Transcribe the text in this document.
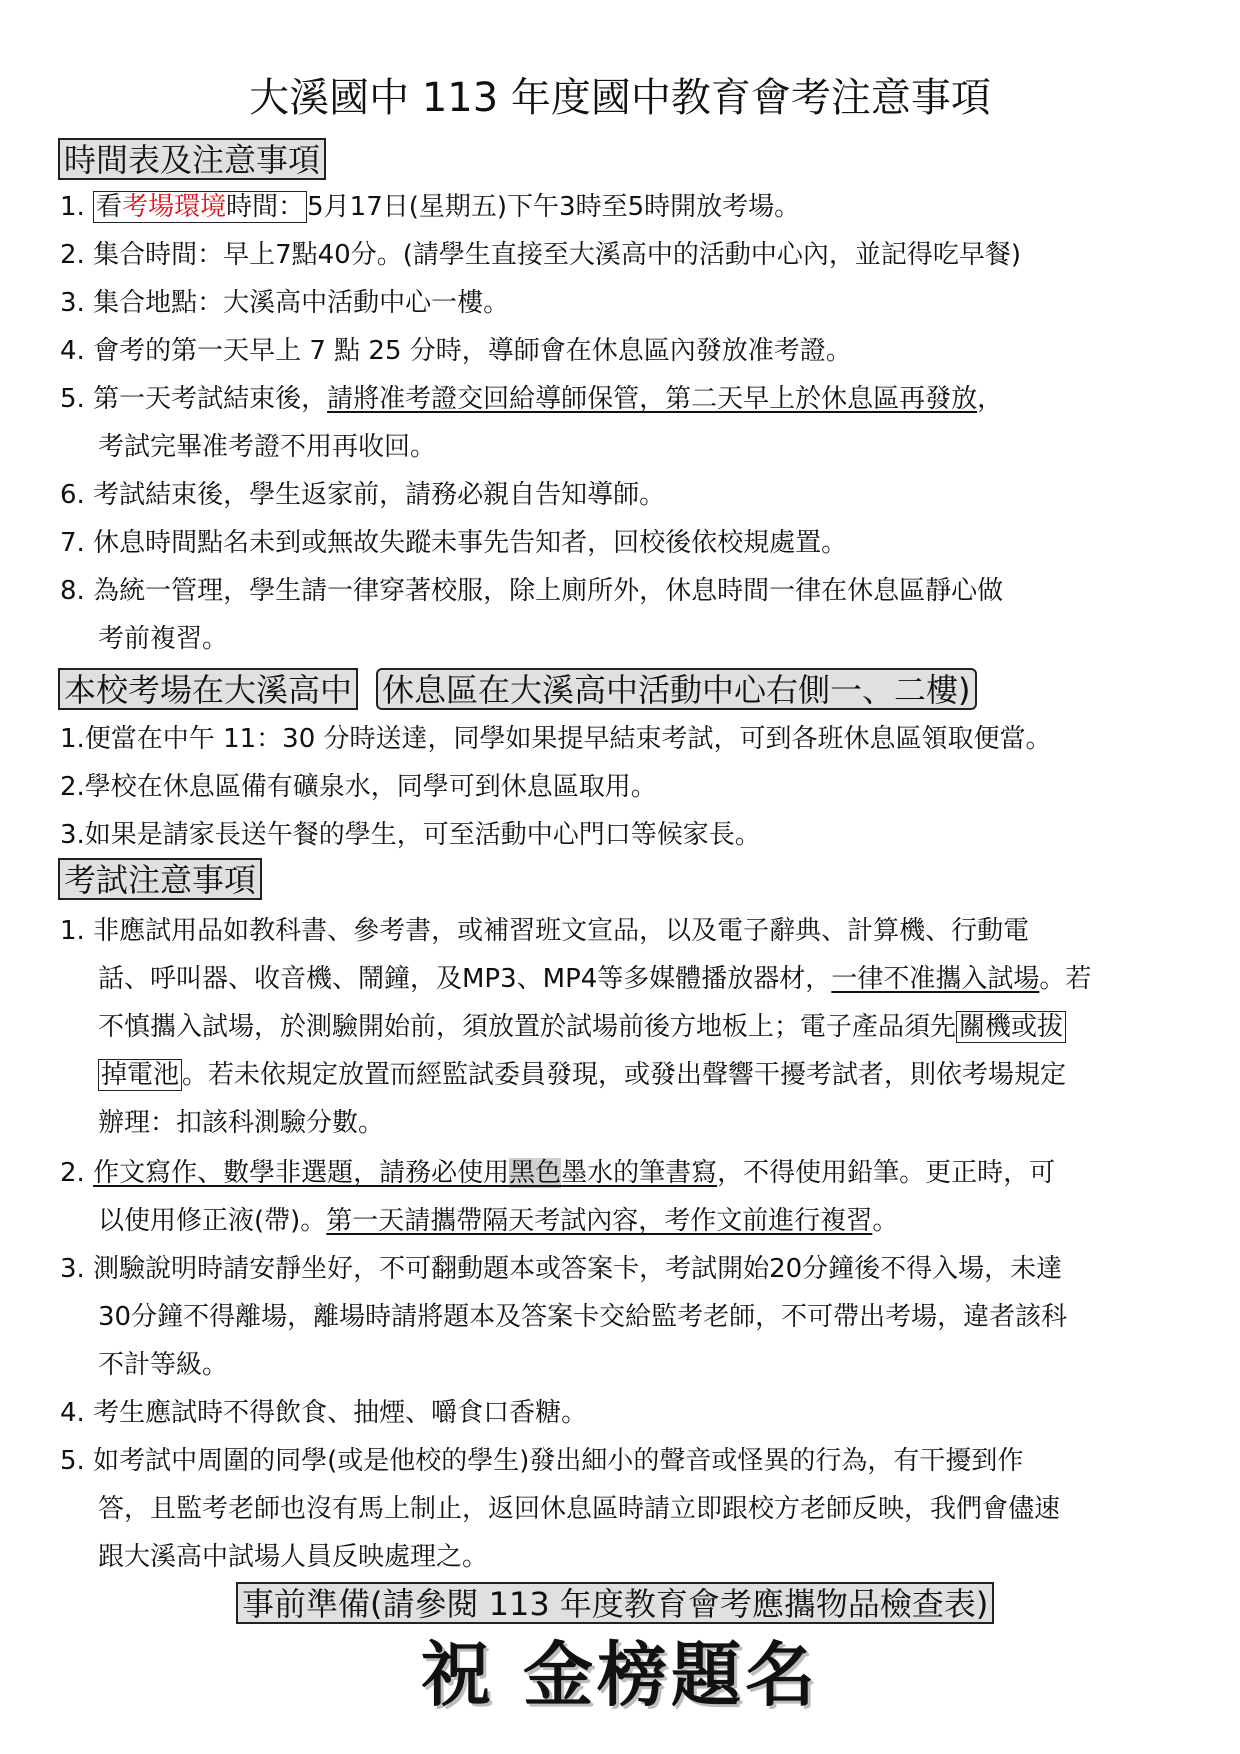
大溪國中 113 年度國中教育會考注意事項
時間表及注意事項
1. 看考場環境時間： 5月17日(星期五)下午3時至5時開放考場。
2. 集合時間：早上7點40分。(請學生直接至大溪高中的活動中心內，並記得吃早餐)
3. 集合地點：大溪高中活動中心一樓。
4. 會考的第一天早上 7 點 25 分時，導師會在休息區內發放准考證。
5. 第一天考試結束後，請將准考證交回給導師保管，第二天早上於休息區再發放，
考試完畢准考證不用再收回。
6. 考試結束後，學生返家前，請務必親自告知導師。
7. 休息時間點名未到或無故失蹤未事先告知者，回校後依校規處置。
8. 為統一管理，學生請一律穿著校服，除上廁所外，休息時間一律在休息區靜心做
考前複習。
本校考場在大溪高中 休息區在大溪高中活動中心右側一、二樓)
1.便當在中午 11：30 分時送達，同學如果提早結束考試，可到各班休息區領取便當。
2.學校在休息區備有礦泉水，同學可到休息區取用。
3.如果是請家長送午餐的學生，可至活動中心門口等候家長。
考試注意事項
1. 非應試用品如教科書、參考書，或補習班文宣品，以及電子辭典、計算機、行動電
話、呼叫器、收音機、鬧鐘，及MP3、MP4等多媒體播放器材，一律不准攜入試場。若
不慎攜入試場，於測驗開始前，須放置於試場前後方地板上；電子產品須先 關機或拔
掉電池 。若未依規定放置而經監試委員發現，或發出聲響干擾考試者，則依考場規定
辦理：扣該科測驗分數。
2. 作文寫作、數學非選題，請務必使用黑色墨水的筆書寫，不得使用鉛筆。更正時，可
以使用修正液(帶)。第一天請攜帶隔天考試內容，考作文前進行複習。
3. 測驗說明時請安靜坐好，不可翻動題本或答案卡，考試開始20分鐘後不得入場，未達
30分鐘不得離場，離場時請將題本及答案卡交給監考老師，不可帶出考場，違者該科
不計等級。
4. 考生應試時不得飲食、抽煙、嚼食口香糖。
5. 如考試中周圍的同學(或是他校的學生)發出細小的聲音或怪異的行為，有干擾到作
答，且監考老師也沒有馬上制止，返回休息區時請立即跟校方老師反映，我們會儘速
跟大溪高中試場人員反映處理之。
事前準備(請參閱 113 年度教育會考應攜物品檢查表)
祝 金榜題名
